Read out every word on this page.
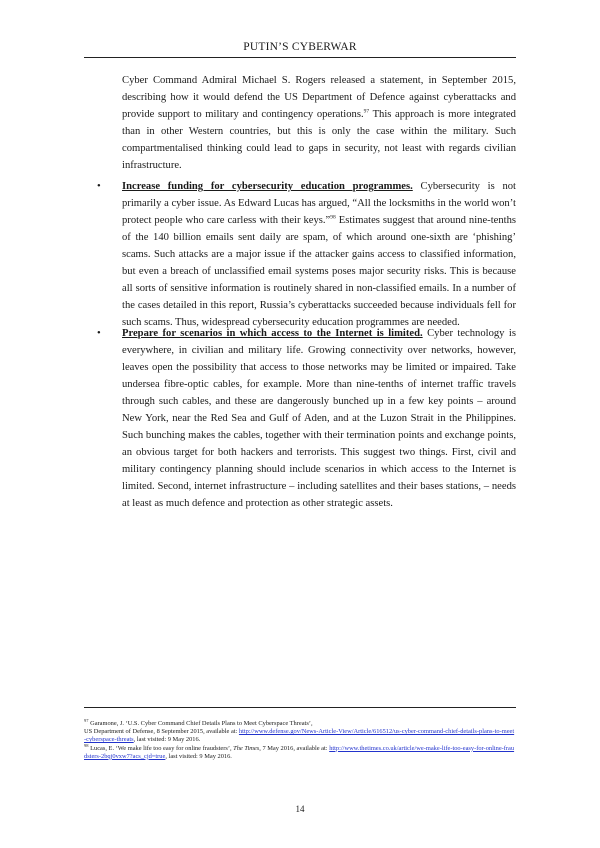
PUTIN’S CYBERWAR
Cyber Command Admiral Michael S. Rogers released a statement, in September 2015, describing how it would defend the US Department of Defence against cyberattacks and provide support to military and contingency operations.$^{97}$ This approach is more integrated than in other Western countries, but this is only the case within the military. Such compartmentalised thinking could lead to gaps in security, not least with regards civilian infrastructure.
•	Increase funding for cybersecurity education programmes. Cybersecurity is not primarily a cyber issue. As Edward Lucas has argued, “All the locksmiths in the world won’t protect people who care carless with their keys.”$^{98}$ Estimates suggest that around nine-tenths of the 140 billion emails sent daily are spam, of which around one-sixth are ‘phishing’ scams. Such attacks are a major issue if the attacker gains access to classified information, but even a breach of unclassified email systems poses major security risks. This is because all sorts of sensitive information is routinely shared in non-classified emails. In a number of the cases detailed in this report, Russia’s cyberattacks succeeded because individuals fell for such scams. Thus, widespread cybersecurity education programmes are needed.
•	Prepare for scenarios in which access to the Internet is limited. Cyber technology is everywhere, in civilian and military life. Growing connectivity over networks, however, leaves open the possibility that access to those networks may be limited or impaired. Take undersea fibre-optic cables, for example. More than nine-tenths of internet traffic travels through such cables, and these are dangerously bunched up in a few key points – around New York, near the Red Sea and Gulf of Aden, and at the Luzon Strait in the Philippines. Such bunching makes the cables, together with their termination points and exchange points, an obvious target for both hackers and terrorists. This suggest two things. First, civil and military contingency planning should include scenarios in which access to the Internet is limited. Second, internet infrastructure – including satellites and their bases stations, – needs at least as much defence and protection as other strategic assets.
$^{97}$ Garamone, J. ‘U.S. Cyber Command Chief Details Plans to Meet Cyberspace Threats’,
US Department of Defense, 8 September 2015, available at: http://www.defense.gov/News-Article-View/Article/616512/us-cyber-command-chief-details-plans-to-meet-cyberspace-threats, last visited: 9 May 2016.
$^{98}$ Lucas, E. ‘We make life too easy for online fraudsters’, The Times, 7 May 2016, available at: http://www.thetimes.co.uk/article/we-make-life-too-easy-for-online-fraudsters-2bqj0vxw7?acs_cjd=true, last visited: 9 May 2016.
14
